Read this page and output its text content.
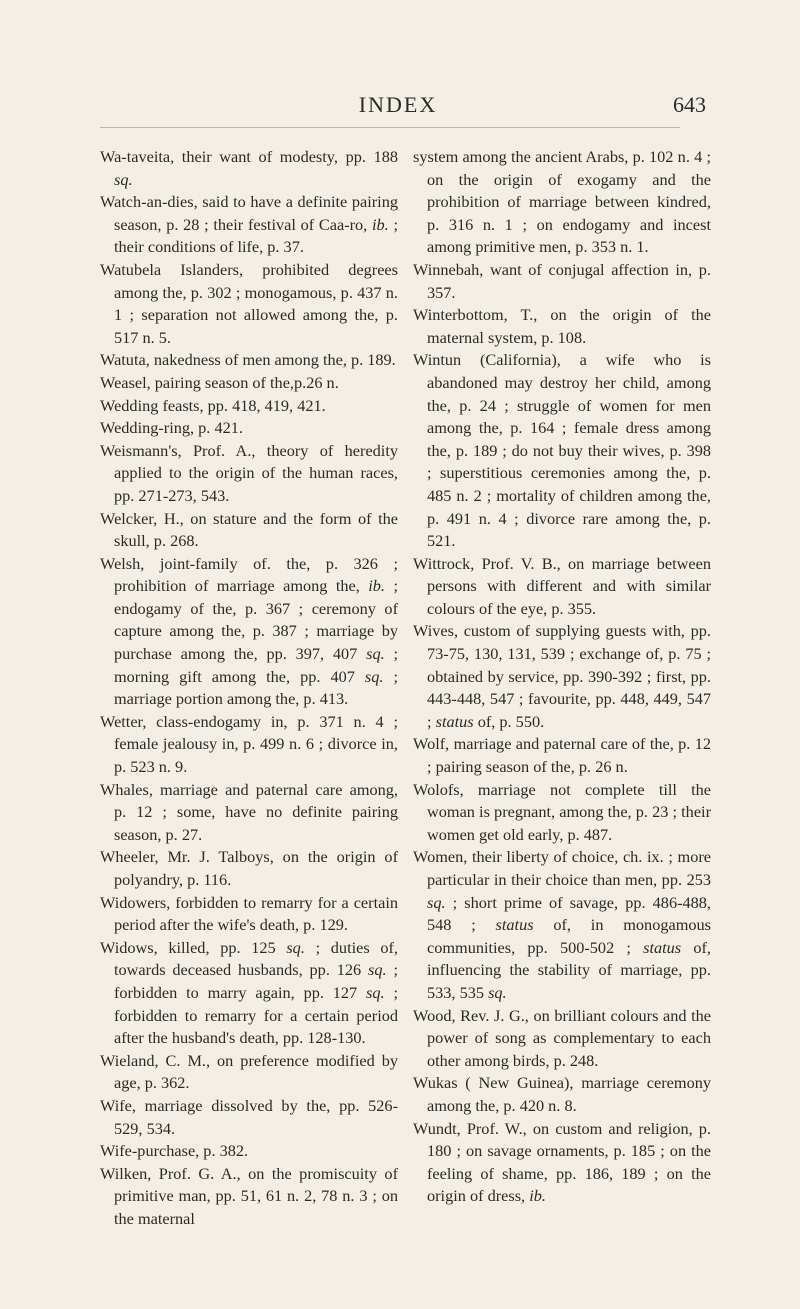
INDEX	643

Wa-taveita, their want of modesty, pp. 188 sq.

Watch-an-dies, said to have a definite pairing season, p. 28 ; their festival of Caa-ro, ib. ; their conditions of life, p. 37.

Watubela Islanders, prohibited degrees among the, p. 302 ; monogamous, p. 437 n. 1 ; separation not allowed among the, p. 517 n. 5.

Watuta, nakedness of men among the, p. 189.

Weasel, pairing season of the,p.26 n.

Wedding feasts, pp. 418, 419, 421.

Wedding-ring, p. 421.

Weismann's, Prof. A., theory of heredity applied to the origin of the human races, pp. 271-273, 543.

Welcker, H., on stature and the form of the skull, p. 268.

Welsh, joint-family of. the, p. 326 ; prohibition of marriage among the, ib. ; endogamy of the, p. 367 ; ceremony of capture among the, p. 387 ; marriage by purchase among the, pp. 397, 407 sq. ; morning gift among the, pp. 407 sq. ; marriage portion among the, p. 413.

Wetter, class-endogamy in, p. 371 n. 4 ; female jealousy in, p. 499 n. 6 ; divorce in, p. 523 n. 9.

Whales, marriage and paternal care among, p. 12 ; some, have no definite pairing season, p. 27.

Wheeler, Mr. J. Talboys, on the origin of polyandry, p. 116.

Widowers, forbidden to remarry for a certain period after the wife's death, p. 129.

Widows, killed, pp. 125 sq. ; duties of, towards deceased husbands, pp. 126 sq. ; forbidden to marry again, pp. 127 sq. ; forbidden to remarry for a certain period after the husband's death, pp. 128-130.

Wieland, C. M., on preference modified by age, p. 362.

Wife, marriage dissolved by the, pp. 526-529, 534.

Wife-purchase, p. 382.

Wilken, Prof. G. A., on the promiscuity of primitive man, pp. 51, 61 n. 2, 78 n. 3 ; on the maternal

system among the ancient Arabs, p. 102 n. 4 ; on the origin of exogamy and the prohibition of marriage between kindred, p. 316 n. 1 ; on endogamy and incest among primitive men, p. 353 n. 1.

Winnebah, want of conjugal affection in, p. 357.

Winterbottom, T., on the origin of the maternal system, p. 108.

Wintun (California), a wife who is abandoned may destroy her child, among the, p. 24 ; struggle of women for men among the, p. 164 ; female dress among the, p. 189 ; do not buy their wives, p. 398 ; superstitious ceremonies among the, p. 485 n. 2 ; mortality of children among the, p. 491 n. 4 ; divorce rare among the, p. 521.

Wittrock, Prof. V. B., on marriage between persons with different and with similar colours of the eye, p. 355.

Wives, custom of supplying guests with, pp. 73-75, 130, 131, 539 ; exchange of, p. 75 ; obtained by service, pp. 390-392 ; first, pp. 443-448, 547 ; favourite, pp. 448, 449, 547 ; status of, p. 550.

Wolf, marriage and paternal care of the, p. 12 ; pairing season of the, p. 26 n.

Wolofs, marriage not complete till the woman is pregnant, among the, p. 23 ; their women get old early, p. 487.

Women, their liberty of choice, ch. ix. ; more particular in their choice than men, pp. 253 sq. ; short prime of savage, pp. 486-488, 548 ; status of, in monogamous communities, pp. 500-502 ; status of, influencing the stability of marriage, pp. 533, 535 sq.

Wood, Rev. J. G., on brilliant colours and the power of song as complementary to each other among birds, p. 248.

Wukas ( New Guinea), marriage ceremony among the, p. 420 n. 8.

Wundt, Prof. W., on custom and religion, p. 180 ; on savage ornaments, p. 185 ; on the feeling of shame, pp. 186, 189 ; on the origin of dress, ib.
